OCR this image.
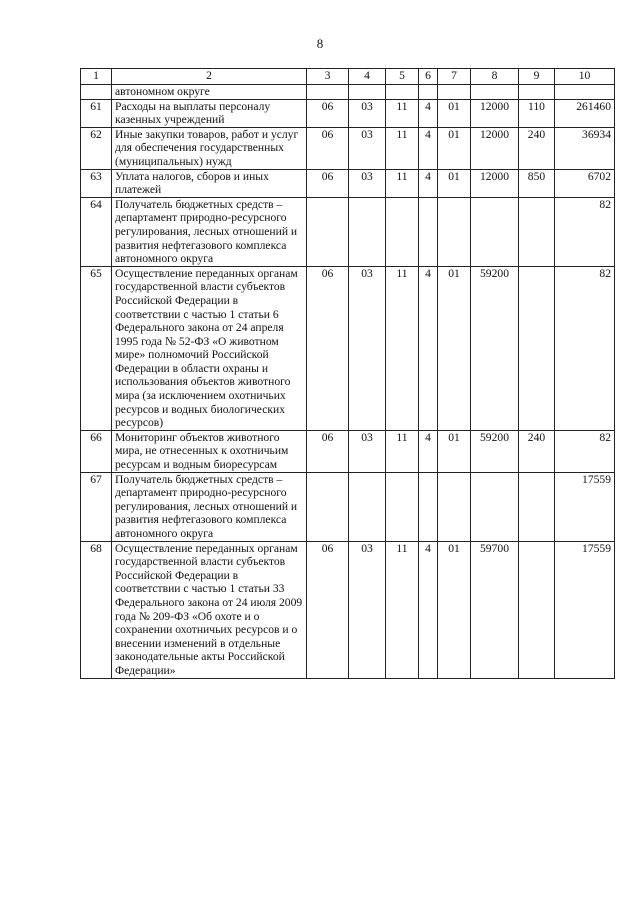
8
1	2	3	4	5	6	7	8	9	10
	автономном округе								
61	Расходы на выплаты персоналу казенных учреждений	06	03	11	4	01	12000	110	261460
62	Иные закупки товаров, работ и услуг для обеспечения государственных (муниципальных) нужд	06	03	11	4	01	12000	240	36934
63	Уплата налогов, сборов и иных платежей	06	03	11	4	01	12000	850	6702
64	Получатель бюджетных средств – департамент природно-ресурсного регулирования, лесных отношений и развития нефтегазового комплекса автономного округа								82
65	Осуществление переданных органам государственной власти субъектов Российской Федерации в соответствии с частью 1 статьи 6 Федерального закона от 24 апреля 1995 года № 52-ФЗ «О животном мире» полномочий Российской Федерации в области охраны и использования объектов животного мира (за исключением охотничьих ресурсов и водных биологических ресурсов)	06	03	11	4	01	59200		82
66	Мониторинг объектов животного мира, не отнесенных к охотничьим ресурсам и водным биоресурсам	06	03	11	4	01	59200	240	82
67	Получатель бюджетных средств – департамент природно-ресурсного регулирования, лесных отношений и развития нефтегазового комплекса автономного округа								17559
68	Осуществление переданных органам государственной власти субъектов Российской Федерации в соответствии с частью 1 статьи 33 Федерального закона от 24 июля 2009 года № 209-ФЗ «Об охоте и о сохранении охотничьих ресурсов и о внесении изменений в отдельные законодательные акты Российской Федерации»	06	03	11	4	01	59700		17559
